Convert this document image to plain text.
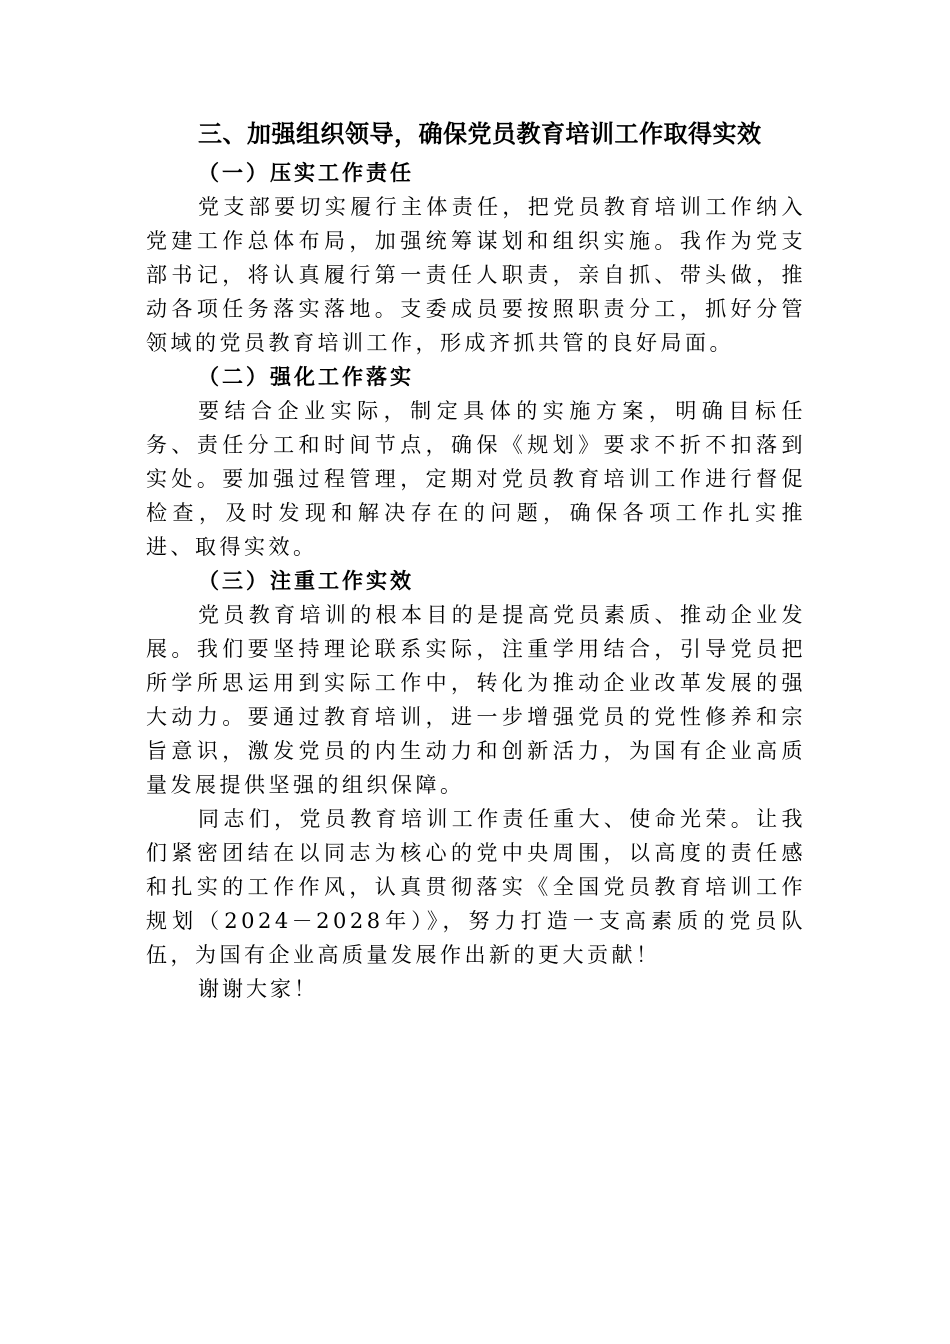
三、加强组织领导，确保党员教育培训工作取得实效
（一）压实工作责任

党支部要切实履行主体责任，把党员教育培训工作纳入党建工作总体布局，加强统筹谋划和组织实施。我作为党支部书记，将认真履行第一责任人职责，亲自抓、带头做，推动各项任务落实落地。支委成员要按照职责分工，抓好分管领域的党员教育培训工作，形成齐抓共管的良好局面。

（二）强化工作落实

要结合企业实际，制定具体的实施方案，明确目标任务、责任分工和时间节点，确保《规划》要求不折不扣落到实处。要加强过程管理，定期对党员教育培训工作进行督促检查，及时发现和解决存在的问题，确保各项工作扎实推进、取得实效。

（三）注重工作实效

党员教育培训的根本目的是提高党员素质、推动企业发展。我们要坚持理论联系实际，注重学用结合，引导党员把所学所思运用到实际工作中，转化为推动企业改革发展的强大动力。要通过教育培训，进一步增强党员的党性修养和宗旨意识，激发党员的内生动力和创新活力，为国有企业高质量发展提供坚强的组织保障。

同志们，党员教育培训工作责任重大、使命光荣。让我们紧密团结在以同志为核心的党中央周围，以高度的责任感和扎实的工作作风，认真贯彻落实《全国党员教育培训工作规划（2024－2028年）》，努力打造一支高素质的党员队伍，为国有企业高质量发展作出新的更大贡献！

谢谢大家！
